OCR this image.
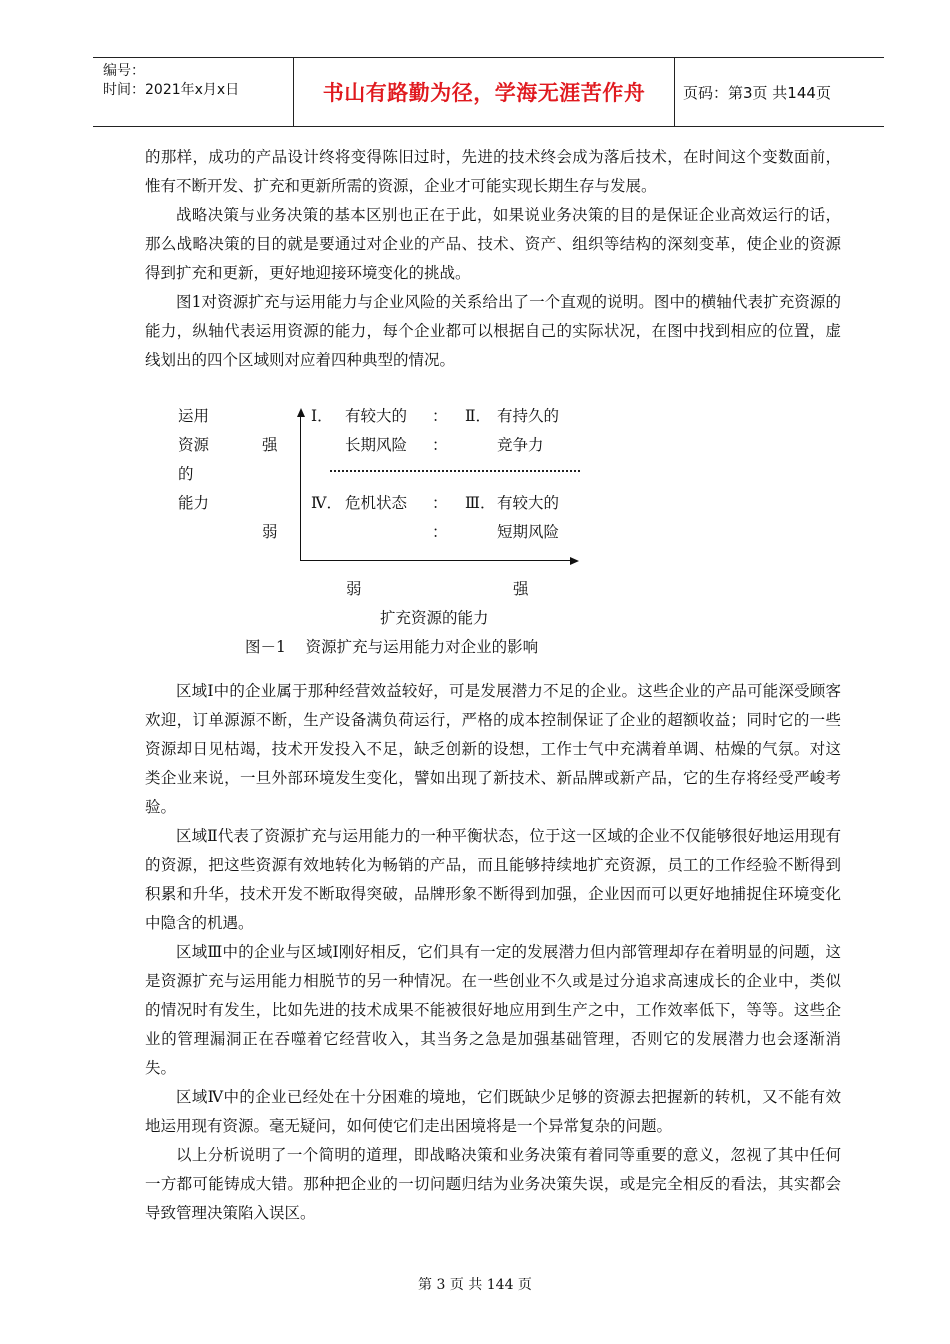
编号：
时间：2021年x月x日	书山有路勤为径，学海无涯苦作舟	页码：第3页 共144页

的那样，成功的产品设计终将变得陈旧过时，先进的技术终会成为落后技术，在时间这个变数面前，惟有不断开发、扩充和更新所需的资源，企业才可能实现长期生存与发展。

战略决策与业务决策的基本区别也正在于此，如果说业务决策的目的是保证企业高效运行的话，那么战略决策的目的就是要通过对企业的产品、技术、资产、组织等结构的深刻变革，使企业的资源得到扩充和更新，更好地迎接环境变化的挑战。

图1对资源扩充与运用能力与企业风险的关系给出了一个直观的说明。图中的横轴代表扩充资源的能力，纵轴代表运用资源的能力，每个企业都可以根据自己的实际状况，在图中找到相应的位置，虚线划出的四个区域则对应着四种典型的情况。

运用
资源
的
能力
强
弱
Ⅰ． 有较大的
长期风险
：
：
：
：
Ⅱ． 有持久的
竞争力
Ⅳ． 危机状态	Ⅲ． 有较大的
短期风险
弱	强
扩充资源的能力
图－1    资源扩充与运用能力对企业的影响

区域Ⅰ中的企业属于那种经营效益较好，可是发展潜力不足的企业。这些企业的产品可能深受顾客欢迎，订单源源不断，生产设备满负荷运行，严格的成本控制保证了企业的超额收益；同时它的一些资源却日见枯竭，技术开发投入不足，缺乏创新的设想，工作士气中充满着单调、枯燥的气氛。对这类企业来说，一旦外部环境发生变化，譬如出现了新技术、新品牌或新产品，它的生存将经受严峻考验。

区域Ⅱ代表了资源扩充与运用能力的一种平衡状态，位于这一区域的企业不仅能够很好地运用现有的资源，把这些资源有效地转化为畅销的产品，而且能够持续地扩充资源，员工的工作经验不断得到积累和升华，技术开发不断取得突破，品牌形象不断得到加强，企业因而可以更好地捕捉住环境变化中隐含的机遇。

区域Ⅲ中的企业与区域Ⅰ刚好相反，它们具有一定的发展潜力但内部管理却存在着明显的问题，这是资源扩充与运用能力相脱节的另一种情况。在一些创业不久或是过分追求高速成长的企业中，类似的情况时有发生，比如先进的技术成果不能被很好地应用到生产之中，工作效率低下，等等。这些企业的管理漏洞正在吞噬着它经营收入，其当务之急是加强基础管理，否则它的发展潜力也会逐渐消失。

区域Ⅳ中的企业已经处在十分困难的境地，它们既缺少足够的资源去把握新的转机，又不能有效地运用现有资源。毫无疑问，如何使它们走出困境将是一个异常复杂的问题。

以上分析说明了一个简明的道理，即战略决策和业务决策有着同等重要的意义，忽视了其中任何一方都可能铸成大错。那种把企业的一切问题归结为业务决策失误，或是完全相反的看法，其实都会导致管理决策陷入误区。

第 3 页 共 144 页
